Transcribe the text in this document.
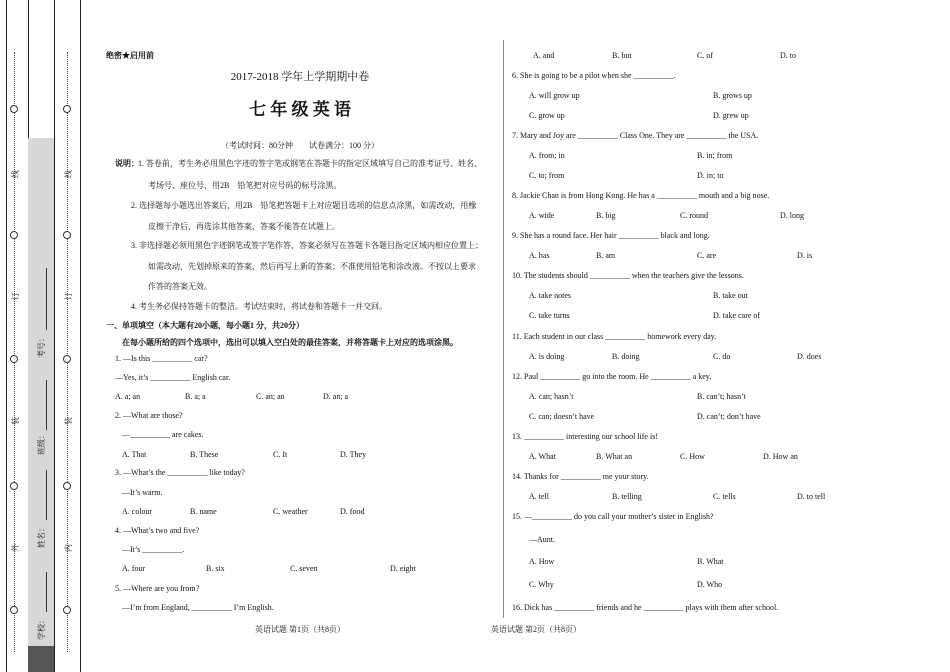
线
订
装
外
线
订
装
内
考号：
班级：
姓名：
学校：
绝密★启用前
2017-2018 学年上学期期中卷
七 年 级 英 语
（考试时间：80分钟　　试卷满分：100 分）
说明： 1. 答卷前，考生务必用黑色字迹的签字笔或钢笔在答题卡的指定区域填写自己的准考证号、姓名、
考场号、座位号，用2B　铅笔把对应号码的标号涂黑。
2. 选择题每小题选出答案后，用2B　铅笔把答题卡上对应题目选项的信息点涂黑，如需改动，用橡
皮擦干净后，再选涂其他答案，答案不能答在试题上。
3. 非选择题必须用黑色字迹钢笔或签字笔作答，答案必须写在答题卡各题目指定区域内相应位置上；
如需改动，先划掉原来的答案，然后再写上新的答案；不准使用铅笔和涂改液。不按以上要求
作答的答案无效。
4. 考生务必保持答题卡的整洁。考试结束时，将试卷和答题卡一并交回。
一、单项填空（本大题有20小题，每小题1 分，共20分）
在每小题所给的四个选项中，选出可以填入空白处的最佳答案，并将答题卡上对应的选项涂黑。
1. —Is this __________ car?
—Yes, it’s __________ English car.
A. a; an	B. a; a	C. an; an	D. an; a
2. —What are those?
—__________ are cakes.
A. That	B. These	C. It	D. They
3. —What’s the __________ like today?
—It’s warm.
A. colour	B. name	C. weather	D. food
4. —What’s two and five?
—It’s __________.
A. four	B. six	C. seven	D. eight
5. —Where are you from?
—I’m from England, __________ I’m English.
英语试题 第1页（共8页）
A. and	B. but	C. of	D. to
6. She is going to be a pilot when she __________.
A. will grow up	B. grows up
C. grow up	D. grew up
7. Mary and Joy are __________ Class One. They are __________ the USA.
A. from; in	B. in; from
C. to; from	D. in; to
8. Jackie Chan is from Hong Kong. He has a __________ mouth and a big nose.
A. wide	B. big	C. round	D. long
9. She has a round face. Her hair __________ black and long.
A. has	B. am	C. are	D. is
10. The students should __________ when the teachers give the lessons.
A. take notes	B. take out
C. take turns	D. take care of
11. Each student in our class __________ homework every day.
A. is doing	B. doing	C. do	D. does
12. Paul __________ go into the room. He __________ a key.
A. can; hasn’t	B. can’t; hasn’t
C. can; doesn’t have	D. can’t; don’t have
13. __________ interesting our school life is!
A. What	B. What an	C. How	D. How an
14. Thanks for __________ me your story.
A. tell	B. telling	C. tells	D. to tell
15. —__________ do you call your mother’s sister in English?
—Aunt.
A. How	B. What
C. Why	D. Who
16. Dick has __________ friends and he __________ plays with them after school.
英语试题 第2页（共8页）
